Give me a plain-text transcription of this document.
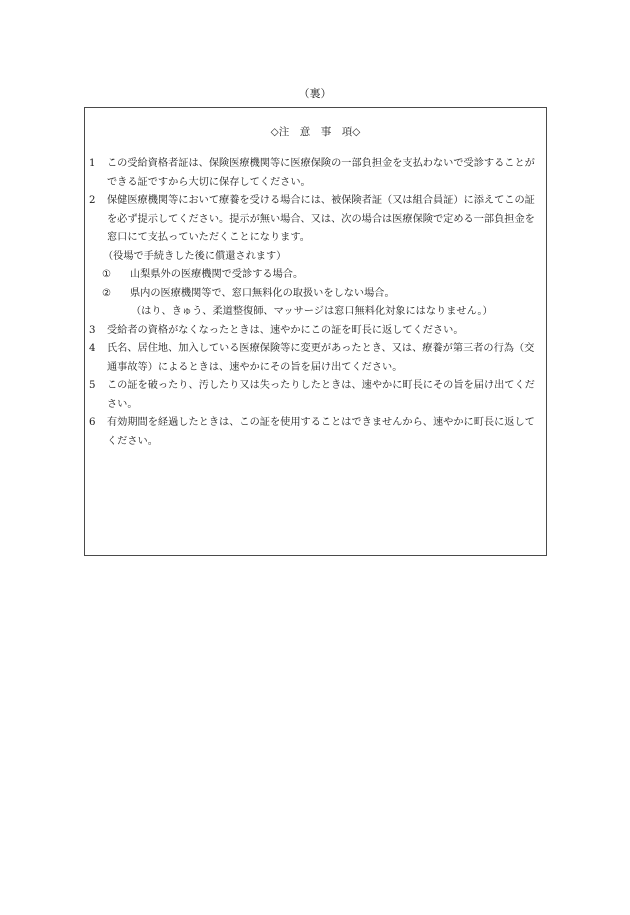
（裏）
◇注　意　事　項◇
1	この受給資格者証は、保険医療機関等に医療保険の一部負担金を支払わないで受診することができる証ですから大切に保存してください。
2	保健医療機関等において療養を受ける場合には、被保険者証（又は組合員証）に添えてこの証を必ず提示してください。提示が無い場合、又は、次の場合は医療保険で定める一部負担金を窓口にて支払っていただくことになります。
（役場で手続きした後に償還されます）
①	山梨県外の医療機関で受診する場合。
②	県内の医療機関等で、窓口無料化の取扱いをしない場合。
（はり、きゅう、柔道整復師、マッサージは窓口無料化対象にはなりません。）
3	受給者の資格がなくなったときは、速やかにこの証を町長に返してください。
4	氏名、居住地、加入している医療保険等に変更があったとき、又は、療養が第三者の行為（交通事故等）によるときは、速やかにその旨を届け出てください。
5	この証を破ったり、汚したり又は失ったりしたときは、速やかに町長にその旨を届け出てください。
6	有効期間を経過したときは、この証を使用することはできませんから、速やかに町長に返してください。
